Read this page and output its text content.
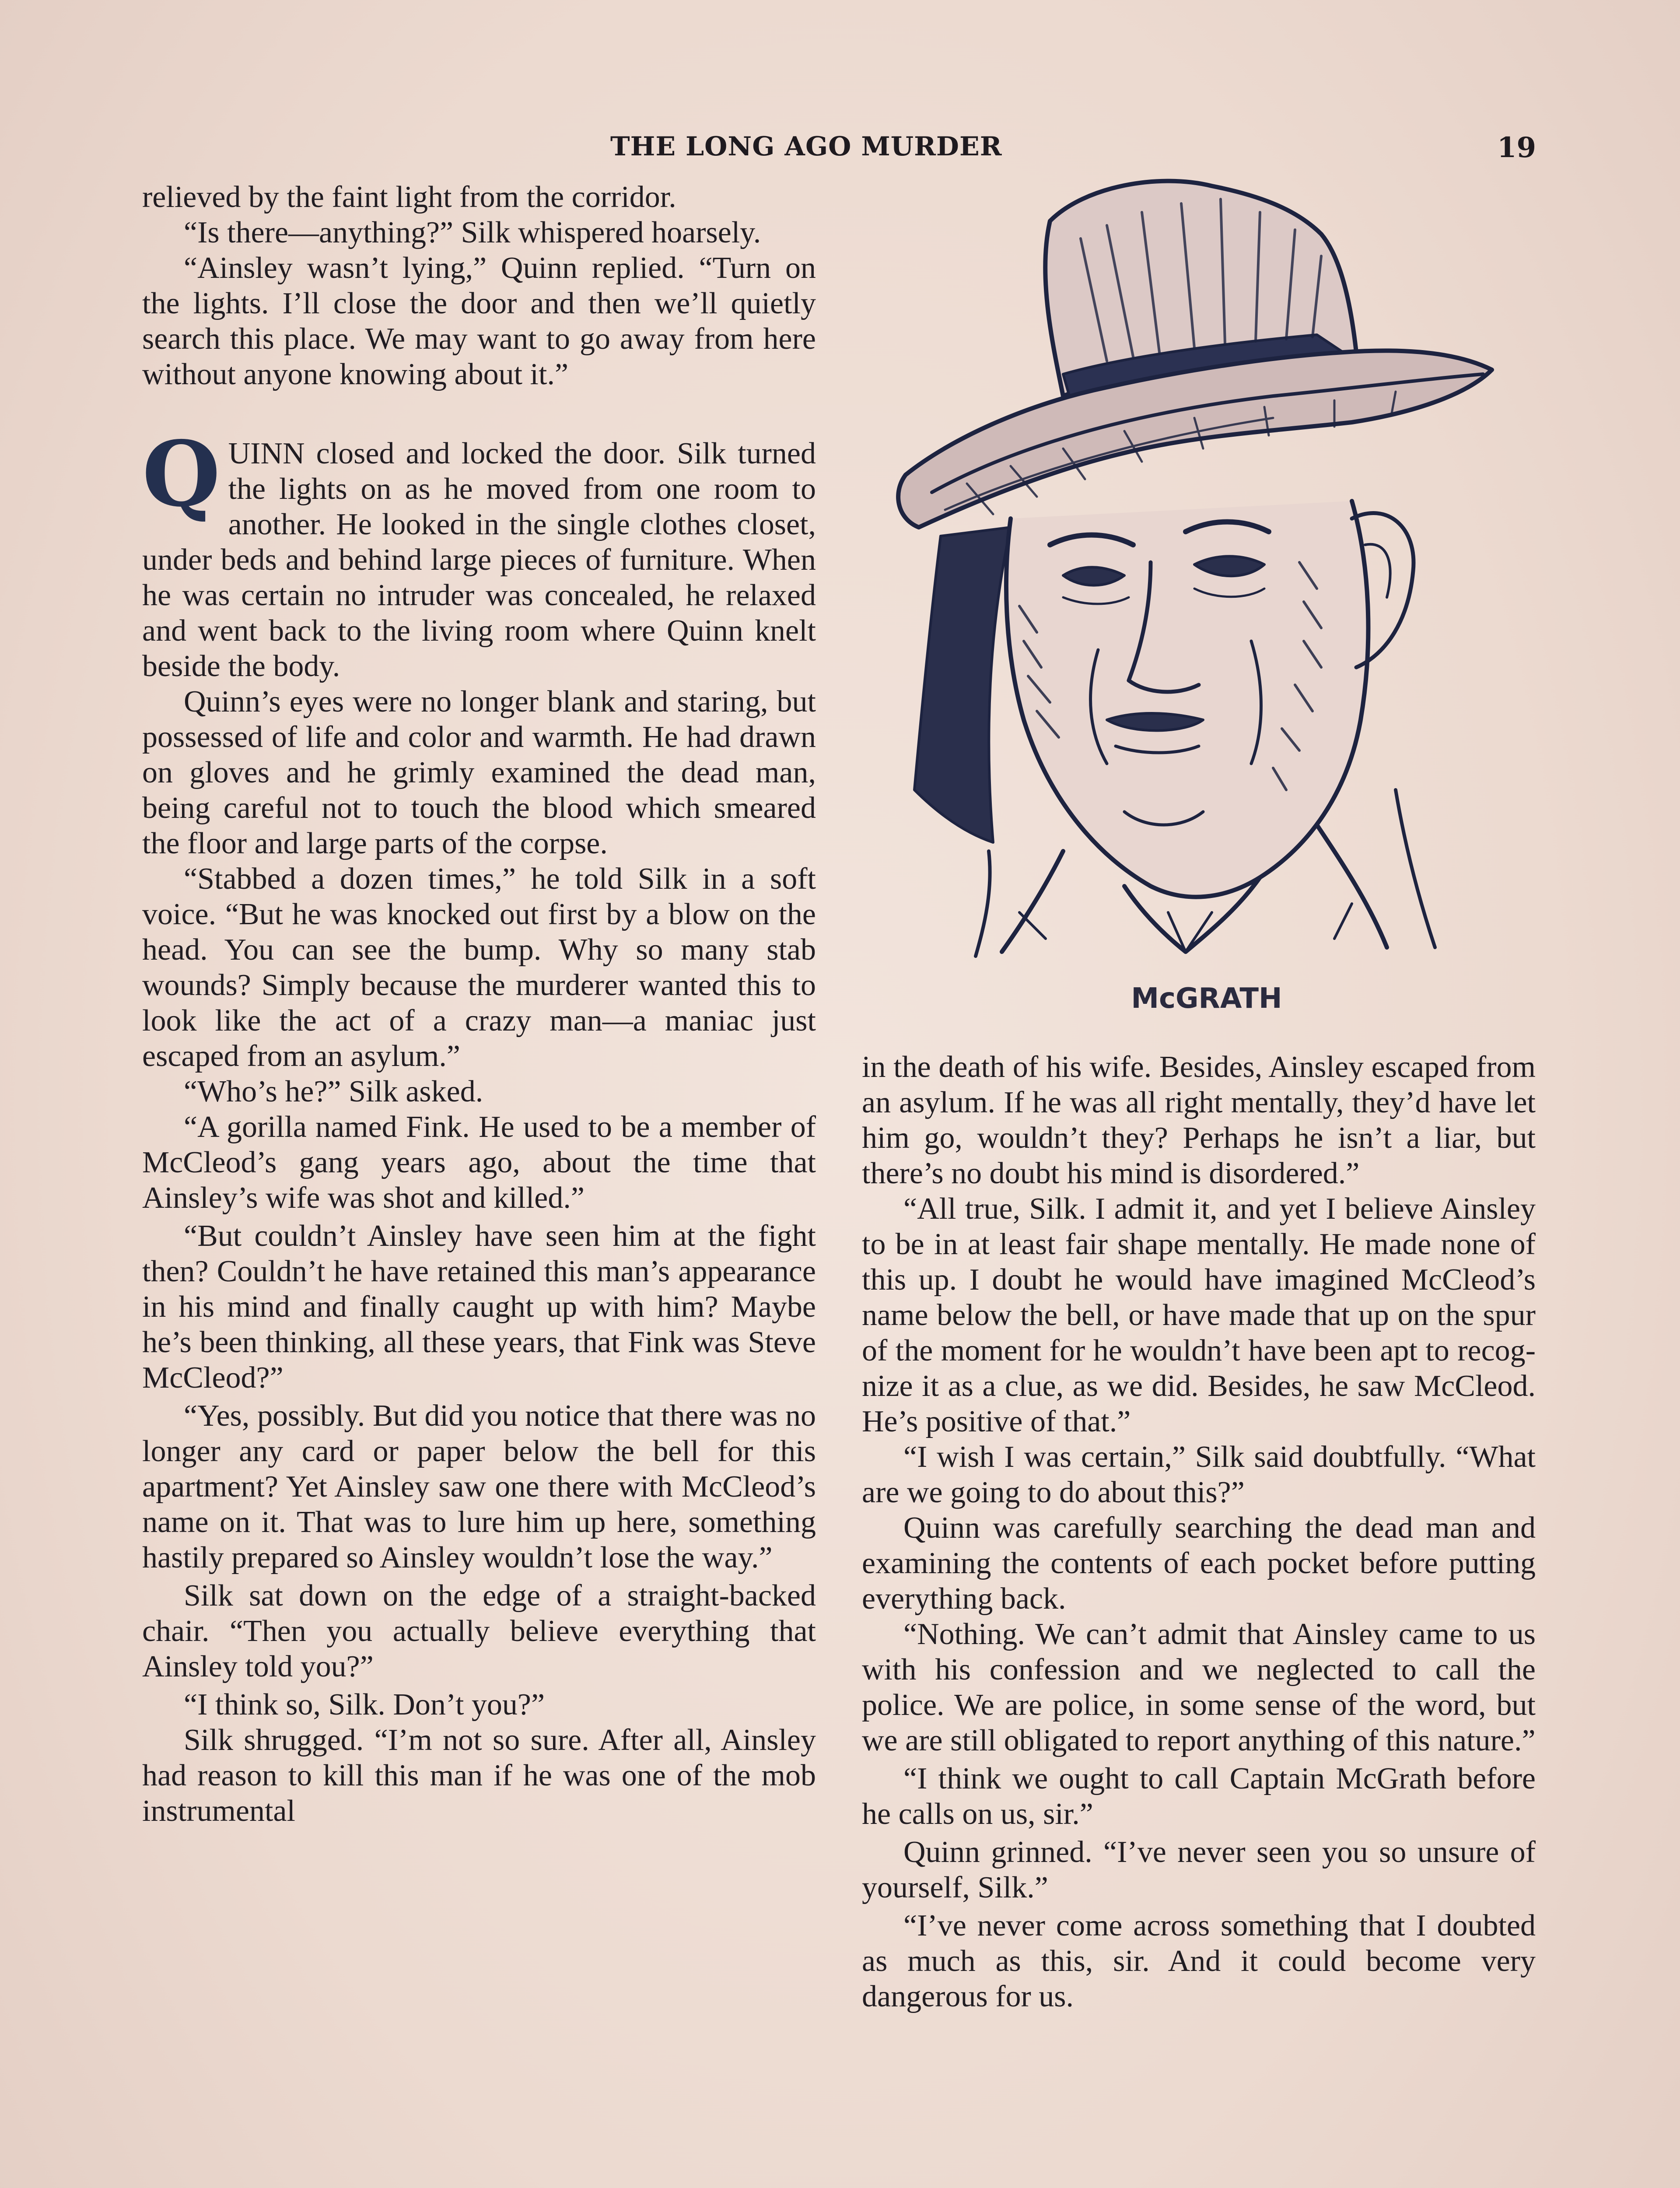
THE LONG AGO MURDER	19

relieved by the faint light from the corridor.

“Is there—anything?” Silk whispered hoarsely.

“Ainsley wasn’t lying,” Quinn replied. “Turn on the lights. I’ll close the door and then we’ll quietly search this place. We may want to go away from here without anyone knowing about it.”

QUINN closed and locked the door. Silk turned the lights on as he moved from one room to another. He looked in the single clothes closet, under beds and behind large pieces of furniture. When he was certain no intruder was concealed, he relaxed and went back to the living room where Quinn knelt beside the body.

Quinn’s eyes were no longer blank and staring, but possessed of life and color and warmth. He had drawn on gloves and he grimly examined the dead man, being careful not to touch the blood which smeared the floor and large parts of the corpse.

“Stabbed a dozen times,” he told Silk in a soft voice. “But he was knocked out first by a blow on the head. You can see the bump. Why so many stab wounds? Simply because the murderer wanted this to look like the act of a crazy man—a maniac just escaped from an asylum.”

“Who’s he?” Silk asked.

“A gorilla named Fink. He used to be a member of McCleod’s gang years ago, about the time that Ainsley’s wife was shot and killed.”

“But couldn’t Ainsley have seen him at the fight then? Couldn’t he have retained this man’s appearance in his mind and finally caught up with him? Maybe he’s been thinking, all these years, that Fink was Steve McCleod?”

“Yes, possibly. But did you notice that there was no longer any card or paper below the bell for this apartment? Yet Ainsley saw one there with McCleod’s name on it. That was to lure him up here, something hastily prepared so Ainsley wouldn’t lose the way.”

Silk sat down on the edge of a straight-backed chair. “Then you actually believe everything that Ainsley told you?”

“I think so, Silk. Don’t you?”

Silk shrugged. “I’m not so sure. After all, Ainsley had reason to kill this man if he was one of the mob instrumental

McGRATH

in the death of his wife. Besides, Ainsley escaped from an asylum. If he was all right mentally, they’d have let him go, wouldn’t they? Perhaps he isn’t a liar, but there’s no doubt his mind is disordered.”

“All true, Silk. I admit it, and yet I believe Ainsley to be in at least fair shape mentally. He made none of this up. I doubt he would have imagined McCleod’s name below the bell, or have made that up on the spur of the moment for he wouldn’t have been apt to recognize it as a clue, as we did. Besides, he saw McCleod. He’s positive of that.”

“I wish I was certain,” Silk said doubtfully. “What are we going to do about this?”

Quinn was carefully searching the dead man and examining the contents of each pocket before putting everything back.

“Nothing. We can’t admit that Ainsley came to us with his confession and we neglected to call the police. We are police, in some sense of the word, but we are still obligated to report anything of this nature.”

“I think we ought to call Captain McGrath before he calls on us, sir.”

Quinn grinned. “I’ve never seen you so unsure of yourself, Silk.”

“I’ve never come across something that I doubted as much as this, sir. And it could become very dangerous for us.
